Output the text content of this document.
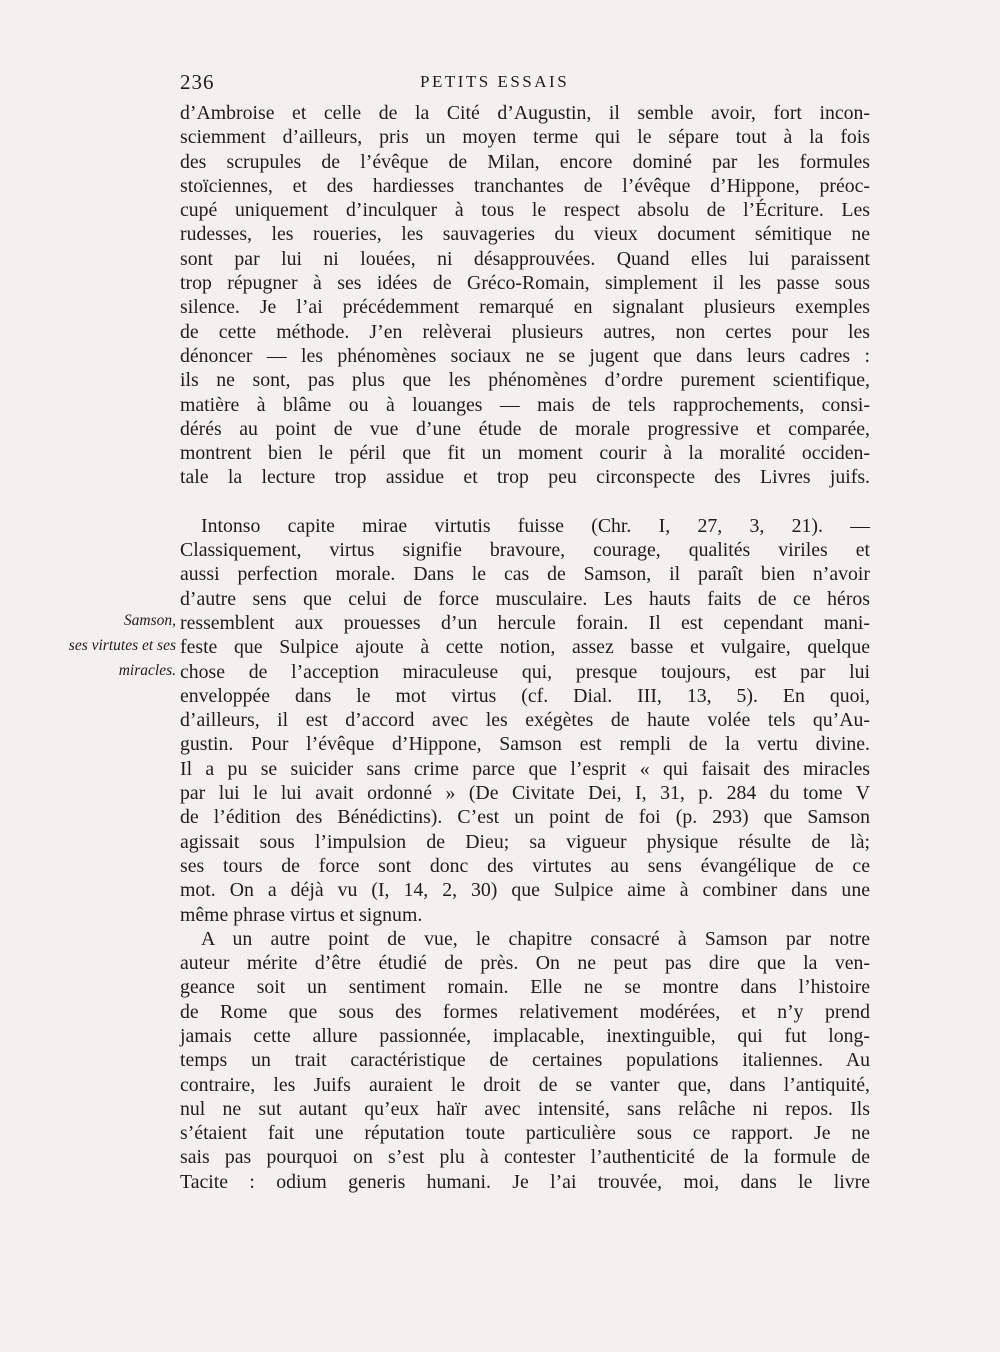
236	PETITS ESSAIS
Samson,
ses virtutes et ses
miracles.

d’Ambroise et celle de la Cité d’Augustin, il semble avoir, fort incon-
sciemment d’ailleurs, pris un moyen terme qui le sépare tout à la fois
des scrupules de l’évêque de Milan, encore dominé par les formules
stoïciennes, et des hardiesses tranchantes de l’évêque d’Hippone, préoc-
cupé uniquement d’inculquer à tous le respect absolu de l’Écriture. Les
rudesses, les roueries, les sauvageries du vieux document sémitique ne
sont par lui ni louées, ni désapprouvées. Quand elles lui paraissent
trop répugner à ses idées de Gréco-Romain, simplement il les passe sous
silence. Je l’ai précédemment remarqué en signalant plusieurs exemples
de cette méthode. J’en relèverai plusieurs autres, non certes pour les
dénoncer — les phénomènes sociaux ne se jugent que dans leurs cadres :
ils ne sont, pas plus que les phénomènes d’ordre purement scientifique,
matière à blâme ou à louanges — mais de tels rapprochements, consi-
dérés au point de vue d’une étude de morale progressive et comparée,
montrent bien le péril que fit un moment courir à la moralité occiden-
tale la lecture trop assidue et trop peu circonspecte des Livres juifs.

Intonso capite mirae virtutis fuisse (Chr. I, 27, 3, 21). —
Classiquement, virtus signifie bravoure, courage, qualités viriles et
aussi perfection morale. Dans le cas de Samson, il paraît bien n’avoir
d’autre sens que celui de force musculaire. Les hauts faits de ce héros
ressemblent aux prouesses d’un hercule forain. Il est cependant mani-
feste que Sulpice ajoute à cette notion, assez basse et vulgaire, quelque
chose de l’acception miraculeuse qui, presque toujours, est par lui
enveloppée dans le mot virtus (cf. Dial. III, 13, 5). En quoi,
d’ailleurs, il est d’accord avec les exégètes de haute volée tels qu’Au-
gustin. Pour l’évêque d’Hippone, Samson est rempli de la vertu divine.
Il a pu se suicider sans crime parce que l’esprit « qui faisait des miracles
par lui le lui avait ordonné » (De Civitate Dei, I, 31, p. 284 du tome V
de l’édition des Bénédictins). C’est un point de foi (p. 293) que Samson
agissait sous l’impulsion de Dieu; sa vigueur physique résulte de là;
ses tours de force sont donc des virtutes au sens évangélique de ce
mot. On a déjà vu (I, 14, 2, 30) que Sulpice aime à combiner dans une
même phrase virtus et signum.

A un autre point de vue, le chapitre consacré à Samson par notre
auteur mérite d’être étudié de près. On ne peut pas dire que la ven-
geance soit un sentiment romain. Elle ne se montre dans l’histoire
de Rome que sous des formes relativement modérées, et n’y prend
jamais cette allure passionnée, implacable, inextinguible, qui fut long-
temps un trait caractéristique de certaines populations italiennes. Au
contraire, les Juifs auraient le droit de se vanter que, dans l’antiquité,
nul ne sut autant qu’eux haïr avec intensité, sans relâche ni repos. Ils
s’étaient fait une réputation toute particulière sous ce rapport. Je ne
sais pas pourquoi on s’est plu à contester l’authenticité de la formule de
Tacite : odium generis humani. Je l’ai trouvée, moi, dans le livre
